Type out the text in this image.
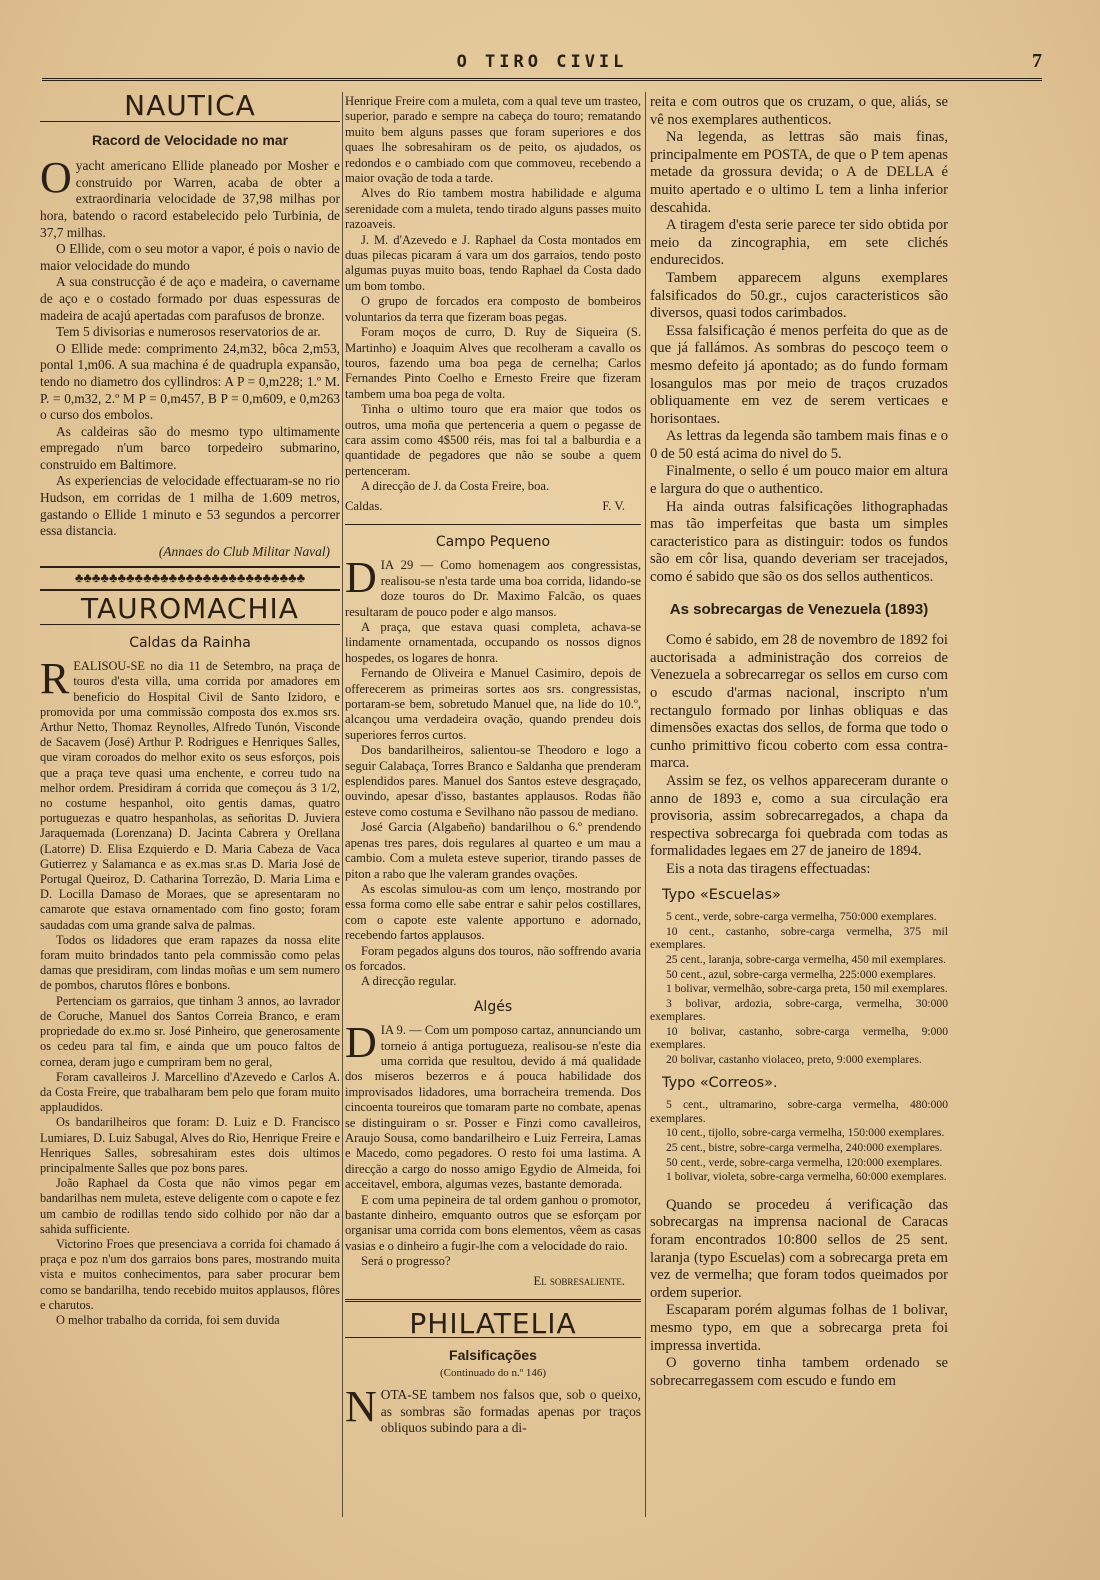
O TIRO CIVIL	7
NAUTICA
Racord de Velocidade no mar

Oyacht americano Ellide planeado por Mosher e construido por Warren, acaba de obter a extraordinaria velocidade de 37,98 milhas por hora, batendo o racord estabelecido pelo Turbinia, de 37,7 milhas.

O Ellide, com o seu motor a vapor, é pois o navio de maior velocidade do mundo

A sua construcção é de aço e madeira, o cavername de aço e o costado formado por duas espessuras de madeira de acajú apertadas com parafusos de bronze.

Tem 5 divisorias e numerosos reservatorios de ar.

O Ellide mede: comprimento 24,m32, bôca 2,m53, pontal 1,m06. A sua machina é de quadrupla expansão, tendo no diametro dos cyllindros: A P = 0,m228; 1.º M. P. = 0,m32, 2.º M P = 0,m457, B P = 0,m609, e 0,m263 o curso dos embolos.

As caldeiras são do mesmo typo ultimamente empregado n'um barco torpedeiro submarino, construido em Baltimore.

As experiencias de velocidade effectuaram-se no rio Hudson, em corridas de 1 milha de 1.609 metros, gastando o Ellide 1 minuto e 53 segundos a percorrer essa distancia.

(Annaes do Club Militar Naval)

♣♣♣♣♣♣♣♣♣♣♣♣♣♣♣♣♣♣♣♣♣♣♣♣♣♣♣
TAUROMACHIA
Caldas da Rainha

REALISOU-SE no dia 11 de Setembro, na praça de touros d'esta villa, uma corrida por amadores em beneficio do Hospital Civil de Santo Izidoro, e promovida por uma commissão composta dos ex.mos srs. Arthur Netto, Thomaz Reynolles, Alfredo Tunón, Visconde de Sacavem (José) Arthur P. Rodrigues e Henriques Salles, que viram coroados do melhor exito os seus esforços, pois que a praça teve quasi uma enchente, e correu tudo na melhor ordem. Presidiram á corrida que começou ás 3 1/2, no costume hespanhol, oito gentis damas, quatro portuguezas e quatro hespanholas, as señoritas D. Juviera Jaraquemada (Lorenzana) D. Jacinta Cabrera y Orellana (Latorre) D. Elisa Ezquierdo e D. Maria Cabeza de Vaca Gutierrez y Salamanca e as ex.mas sr.as D. Maria José de Portugal Queiroz, D. Catharina Torrezão, D. Maria Lima e D. Locilla Damaso de Moraes, que se apresentaram no camarote que estava ornamentado com fino gosto; foram saudadas com uma grande salva de palmas.

Todos os lidadores que eram rapazes da nossa elite foram muito brindados tanto pela commissão como pelas damas que presidiram, com lindas moñas e um sem numero de pombos, charutos flôres e bonbons.

Pertenciam os garraios, que tinham 3 annos, ao lavrador de Coruche, Manuel dos Santos Correia Branco, e eram propriedade do ex.mo sr. José Pinheiro, que generosamente os cedeu para tal fim, e ainda que um pouco faltos de cornea, deram jugo e cumpriram bem no geral,

Foram cavalleiros J. Marcellino d'Azevedo e Carlos A. da Costa Freire, que trabalharam bem pelo que foram muito applaudidos.

Os bandarilheiros que foram: D. Luiz e D. Francisco Lumiares, D. Luiz Sabugal, Alves do Rio, Henrique Freire e Henriques Salles, sobresahiram estes dois ultimos principalmente Salles que poz bons pares.

João Raphael da Costa que não vimos pegar em bandarilhas nem muleta, esteve deligente com o capote e fez um cambio de rodillas tendo sido colhido por não dar a sahida sufficiente.

Victorino Froes que presenciava a corrida foi chamado á praça e poz n'um dos garraios bons pares, mostrando muita vista e muitos conhecimentos, para saber procurar bem como se bandarilha, tendo recebido muitos applausos, flôres e charutos.

O melhor trabalho da corrida, foi sem duvida

Henrique Freire com a muleta, com a qual teve um trasteo, superior, parado e sempre na cabeça do touro; rematando muito bem alguns passes que foram superiores e dos quaes lhe sobresahiram os de peito, os ajudados, os redondos e o cambiado com que commoveu, recebendo a maior ovação de toda a tarde.

Alves do Rio tambem mostra habilidade e alguma serenidade com a muleta, tendo tirado alguns passes muito razoaveis.

J. M. d'Azevedo e J. Raphael da Costa montados em duas pilecas picaram á vara um dos garraios, tendo posto algumas puyas muito boas, tendo Raphael da Costa dado um bom tombo.

O grupo de forcados era composto de bombeiros voluntarios da terra que fizeram boas pegas.

Foram moços de curro, D. Ruy de Siqueira (S. Martinho) e Joaquim Alves que recolheram a cavallo os touros, fazendo uma boa pega de cernelha; Carlos Fernandes Pinto Coelho e Ernesto Freire que fizeram tambem uma boa pega de volta.

Tinha o ultimo touro que era maior que todos os outros, uma moña que pertenceria a quem o pegasse de cara assim como 4$500 réis, mas foi tal a balburdia e a quantidade de pegadores que não se soube a quem pertenceram.

A direcção de J. da Costa Freire, boa.

Caldas.	F. V.
Campo Pequeno

DIA 29 — Como homenagem aos congressistas, realisou-se n'esta tarde uma boa corrida, lidando-se doze touros do Dr. Maximo Falcão, os quaes resultaram de pouco poder e algo mansos.

A praça, que estava quasi completa, achava-se lindamente ornamentada, occupando os nossos dignos hospedes, os logares de honra.

Fernando de Oliveira e Manuel Casimiro, depois de offerecerem as primeiras sortes aos srs. congressistas, portaram-se bem, sobretudo Manuel que, na lide do 10.º, alcançou uma verdadeira ovação, quando prendeu dois superiores ferros curtos.

Dos bandarilheiros, salientou-se Theodoro e logo a seguir Calabaça, Torres Branco e Saldanha que prenderam esplendidos pares. Manuel dos Santos esteve desgraçado, ouvindo, apesar d'isso, bastantes applausos. Rodas ñão esteve como costuma e Sevilhano não passou de mediano.

José Garcia (Algabeño) bandarilhou o 6.º prendendo apenas tres pares, dois regulares al quarteo e um mau a cambio. Com a muleta esteve superior, tirando passes de piton a rabo que lhe valeram grandes ovações.

As escolas simulou-as com um lenço, mostrando por essa forma como elle sabe entrar e sahir pelos costillares, com o capote este valente apportuno e adornado, recebendo fartos applausos.

Foram pegados alguns dos touros, não soffrendo avaria os forcados.

A direcção regular.

Algés

DIA 9. — Com um pomposo cartaz, annunciando um torneio á antiga portugueza, realisou-se n'este dia uma corrida que resultou, devido á má qualidade dos miseros bezerros e á pouca habilidade dos improvisados lidadores, uma borracheira tremenda. Dos cincoenta toureiros que tomaram parte no combate, apenas se distinguiram o sr. Posser e Finzi como cavalleiros, Araujo Sousa, como bandarilheiro e Luiz Ferreira, Lamas e Macedo, como pegadores. O resto foi uma lastima. A direcção a cargo do nosso amigo Egydio de Almeida, foi acceitavel, embora, algumas vezes, bastante demorada.

E com uma pepineira de tal ordem ganhou o promotor, bastante dinheiro, emquanto outros que se esforçam por organisar uma corrida com bons elementos, vêem as casas vasias e o dinheiro a fugir-lhe com a velocidade do raio.

Será o progresso?

El sobresaliente.
PHILATELIA
Falsificações
(Continuado do n.º 146)

NOTA-SE tambem nos falsos que, sob o queixo, as sombras são formadas apenas por traços obliquos subindo para a di-

reita e com outros que os cruzam, o que, aliás, se vê nos exemplares authenticos.

Na legenda, as lettras são mais finas, principalmente em POSTA, de que o P tem apenas metade da grossura devida; o A de DELLA é muito apertado e o ultimo L tem a linha inferior descahida.

A tiragem d'esta serie parece ter sido obtida por meio da zincographia, em sete clichés endurecidos.

Tambem apparecem alguns exemplares falsificados do 50.gr., cujos caracteristicos são diversos, quasi todos carimbados.

Essa falsificação é menos perfeita do que as de que já fallámos. As sombras do pescoço teem o mesmo defeito já apontado; as do fundo formam losangulos mas por meio de traços cruzados obliquamente em vez de serem verticaes e horisontaes.

As lettras da legenda são tambem mais finas e o 0 de 50 está acima do nivel do 5.

Finalmente, o sello é um pouco maior em altura e largura do que o authentico.

Ha ainda outras falsificações lithographadas mas tão imperfeitas que basta um simples caracteristico para as distinguir: todos os fundos são em côr lisa, quando deveriam ser tracejados, como é sabido que são os dos sellos authenticos.

As sobrecargas de Venezuela (1893)

Como é sabido, em 28 de novembro de 1892 foi auctorisada a administração dos correios de Venezuela a sobrecarregar os sellos em curso com o escudo d'armas nacional, inscripto n'um rectangulo formado por linhas obliquas e das dimensões exactas dos sellos, de forma que todo o cunho primittivo ficou coberto com essa contra-marca.

Assim se fez, os velhos appareceram durante o anno de 1893 e, como a sua circulação era provisoria, assim sobrecarregados, a chapa da respectiva sobrecarga foi quebrada com todas as formalidades legaes em 27 de janeiro de 1894.

Eis a nota das tiragens effectuadas:

Typo «Escuelas»

5 cent., verde, sobre-carga vermelha, 750:000 exemplares.

10 cent., castanho, sobre-carga vermelha, 375 mil exemplares.

25 cent., laranja, sobre-carga vermelha, 450 mil exemplares.

50 cent., azul, sobre-carga vermelha, 225:000 exemplares.

1 bolivar, vermelhão, sobre-carga preta, 150 mil exemplares.

3 bolivar, ardozia, sobre-carga, vermelha, 30:000 exemplares.

10 bolivar, castanho, sobre-carga vermelha, 9:000 exemplares.

20 bolivar, castanho violaceo, preto, 9:000 exemplares.

Typo «Correos».

5 cent., ultramarino, sobre-carga vermelha, 480:000 exemplares.

10 cent., tijollo, sobre-carga vermelha, 150:000 exemplares.

25 cent., bistre, sobre-carga vermelha, 240:000 exemplares.

50 cent., verde, sobre-carga vermelha, 120:000 exemplares.

1 bolivar, violeta, sobre-carga vermelha, 60:000 exemplares.

Quando se procedeu á verificação das sobrecargas na imprensa nacional de Caracas foram encontrados 10:800 sellos de 25 sent. laranja (typo Escuelas) com a sobrecarga preta em vez de vermelha; que foram todos queimados por ordem superior.

Escaparam porém algumas folhas de 1 bolivar, mesmo typo, em que a sobrecarga preta foi impressa invertida.

O governo tinha tambem ordenado se sobrecarregassem com escudo e fundo em
